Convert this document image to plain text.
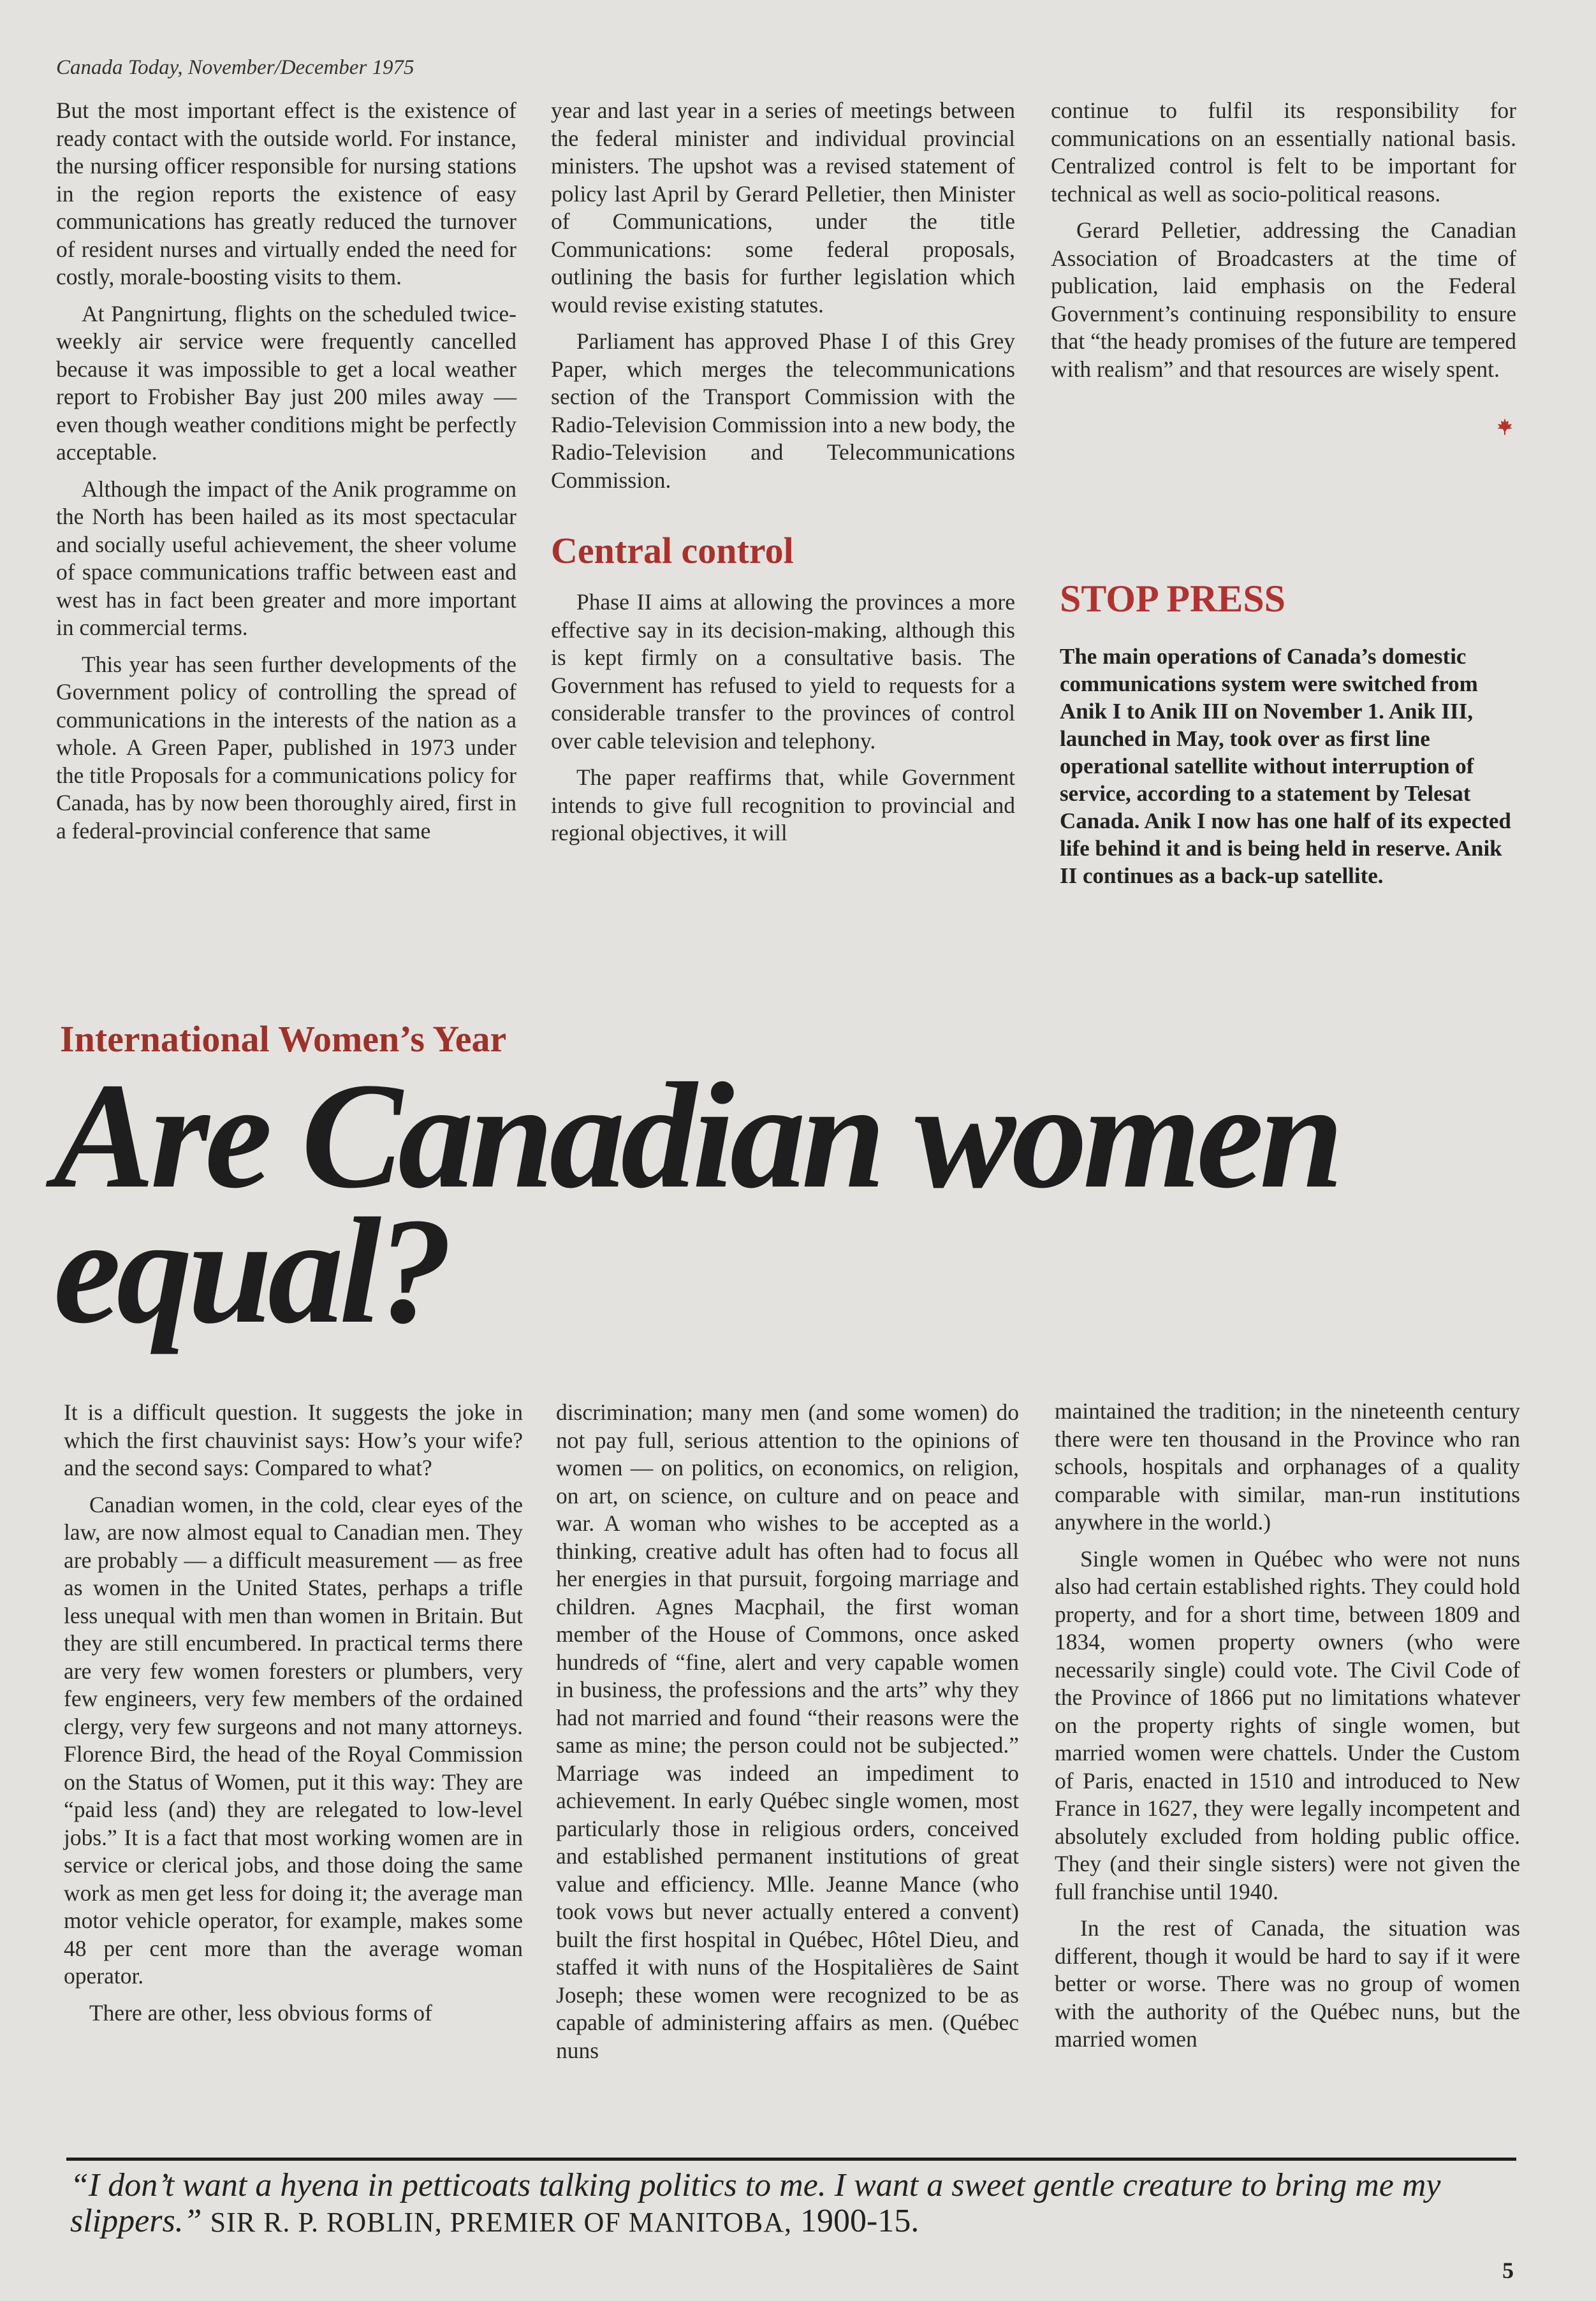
Canada Today, November/December 1975

But the most important effect is the existence of ready contact with the outside world. For instance, the nursing officer responsible for nursing stations in the region reports the existence of easy communications has greatly reduced the turnover of resident nurses and virtually ended the need for costly, morale-boosting visits to them.

At Pangnirtung, flights on the scheduled twice-weekly air service were frequently cancelled because it was impossible to get a local weather report to Frobisher Bay just 200 miles away — even though weather conditions might be perfectly acceptable.

Although the impact of the Anik programme on the North has been hailed as its most spectacular and socially useful achievement, the sheer volume of space communications traffic between east and west has in fact been greater and more important in commercial terms.

This year has seen further developments of the Government policy of controlling the spread of communications in the interests of the nation as a whole. A Green Paper, published in 1973 under the title Proposals for a communications policy for Canada, has by now been thoroughly aired, first in a federal-provincial conference that same

year and last year in a series of meetings between the federal minister and individual provincial ministers. The upshot was a revised statement of policy last April by Gerard Pelletier, then Minister of Communications, under the title Communications: some federal proposals, outlining the basis for further legislation which would revise existing statutes.

Parliament has approved Phase I of this Grey Paper, which merges the telecommunications section of the Transport Commission with the Radio-Television Commission into a new body, the Radio-Television and Telecommunications Commission.

Central control

Phase II aims at allowing the provinces a more effective say in its decision-making, although this is kept firmly on a consultative basis. The Government has refused to yield to requests for a considerable transfer to the provinces of control over cable television and telephony.

The paper reaffirms that, while Government intends to give full recognition to provincial and regional objectives, it will

continue to fulfil its responsibility for communications on an essentially national basis. Centralized control is felt to be important for technical as well as socio-political reasons.

Gerard Pelletier, addressing the Canadian Association of Broadcasters at the time of publication, laid emphasis on the Federal Government’s continuing responsibility to ensure that “the heady promises of the future are tempered with realism” and that resources are wisely spent.

STOP PRESS
The main operations of Canada’s domestic communications system were switched from Anik I to Anik III on November 1. Anik III, launched in May, took over as first line operational satellite without interruption of service, according to a statement by Telesat Canada. Anik I now has one half of its expected life behind it and is being held in reserve. Anik II continues as a back-up satellite.
International Women’s Year
Are Canadian women
equal?

It is a difficult question. It suggests the joke in which the first chauvinist says: How’s your wife? and the second says: Compared to what?

Canadian women, in the cold, clear eyes of the law, are now almost equal to Canadian men. They are probably — a difficult measurement — as free as women in the United States, perhaps a trifle less unequal with men than women in Britain. But they are still encumbered. In practical terms there are very few women foresters or plumbers, very few engineers, very few members of the ordained clergy, very few surgeons and not many attorneys. Florence Bird, the head of the Royal Commission on the Status of Women, put it this way: They are “paid less (and) they are relegated to low-level jobs.” It is a fact that most working women are in service or clerical jobs, and those doing the same work as men get less for doing it; the average man motor vehicle operator, for example, makes some 48 per cent more than the average woman operator.

There are other, less obvious forms of

discrimination; many men (and some women) do not pay full, serious attention to the opinions of women — on politics, on economics, on religion, on art, on science, on culture and on peace and war. A woman who wishes to be accepted as a thinking, creative adult has often had to focus all her energies in that pursuit, forgoing marriage and children. Agnes Macphail, the first woman member of the House of Commons, once asked hundreds of “fine, alert and very capable women in business, the professions and the arts” why they had not married and found “their reasons were the same as mine; the person could not be subjected.” Marriage was indeed an impediment to achievement. In early Québec single women, most particularly those in religious orders, conceived and established permanent institutions of great value and efficiency. Mlle. Jeanne Mance (who took vows but never actually entered a convent) built the first hospital in Québec, Hôtel Dieu, and staffed it with nuns of the Hospitalières de Saint Joseph; these women were recognized to be as capable of administering affairs as men. (Québec nuns

maintained the tradition; in the nineteenth century there were ten thousand in the Province who ran schools, hospitals and orphanages of a quality comparable with similar, man-run institutions anywhere in the world.)

Single women in Québec who were not nuns also had certain established rights. They could hold property, and for a short time, between 1809 and 1834, women property owners (who were necessarily single) could vote. The Civil Code of the Province of 1866 put no limitations whatever on the property rights of single women, but married women were chattels. Under the Custom of Paris, enacted in 1510 and introduced to New France in 1627, they were legally incompetent and absolutely excluded from holding public office. They (and their single sisters) were not given the full franchise until 1940.

In the rest of Canada, the situation was different, though it would be hard to say if it were better or worse. There was no group of women with the authority of the Québec nuns, but the married women

“I don’t want a hyena in petticoats talking politics to me. I want a sweet gentle creature to bring me my slippers.” SIR R. P. ROBLIN, PREMIER OF MANITOBA, 1900-15.
5
